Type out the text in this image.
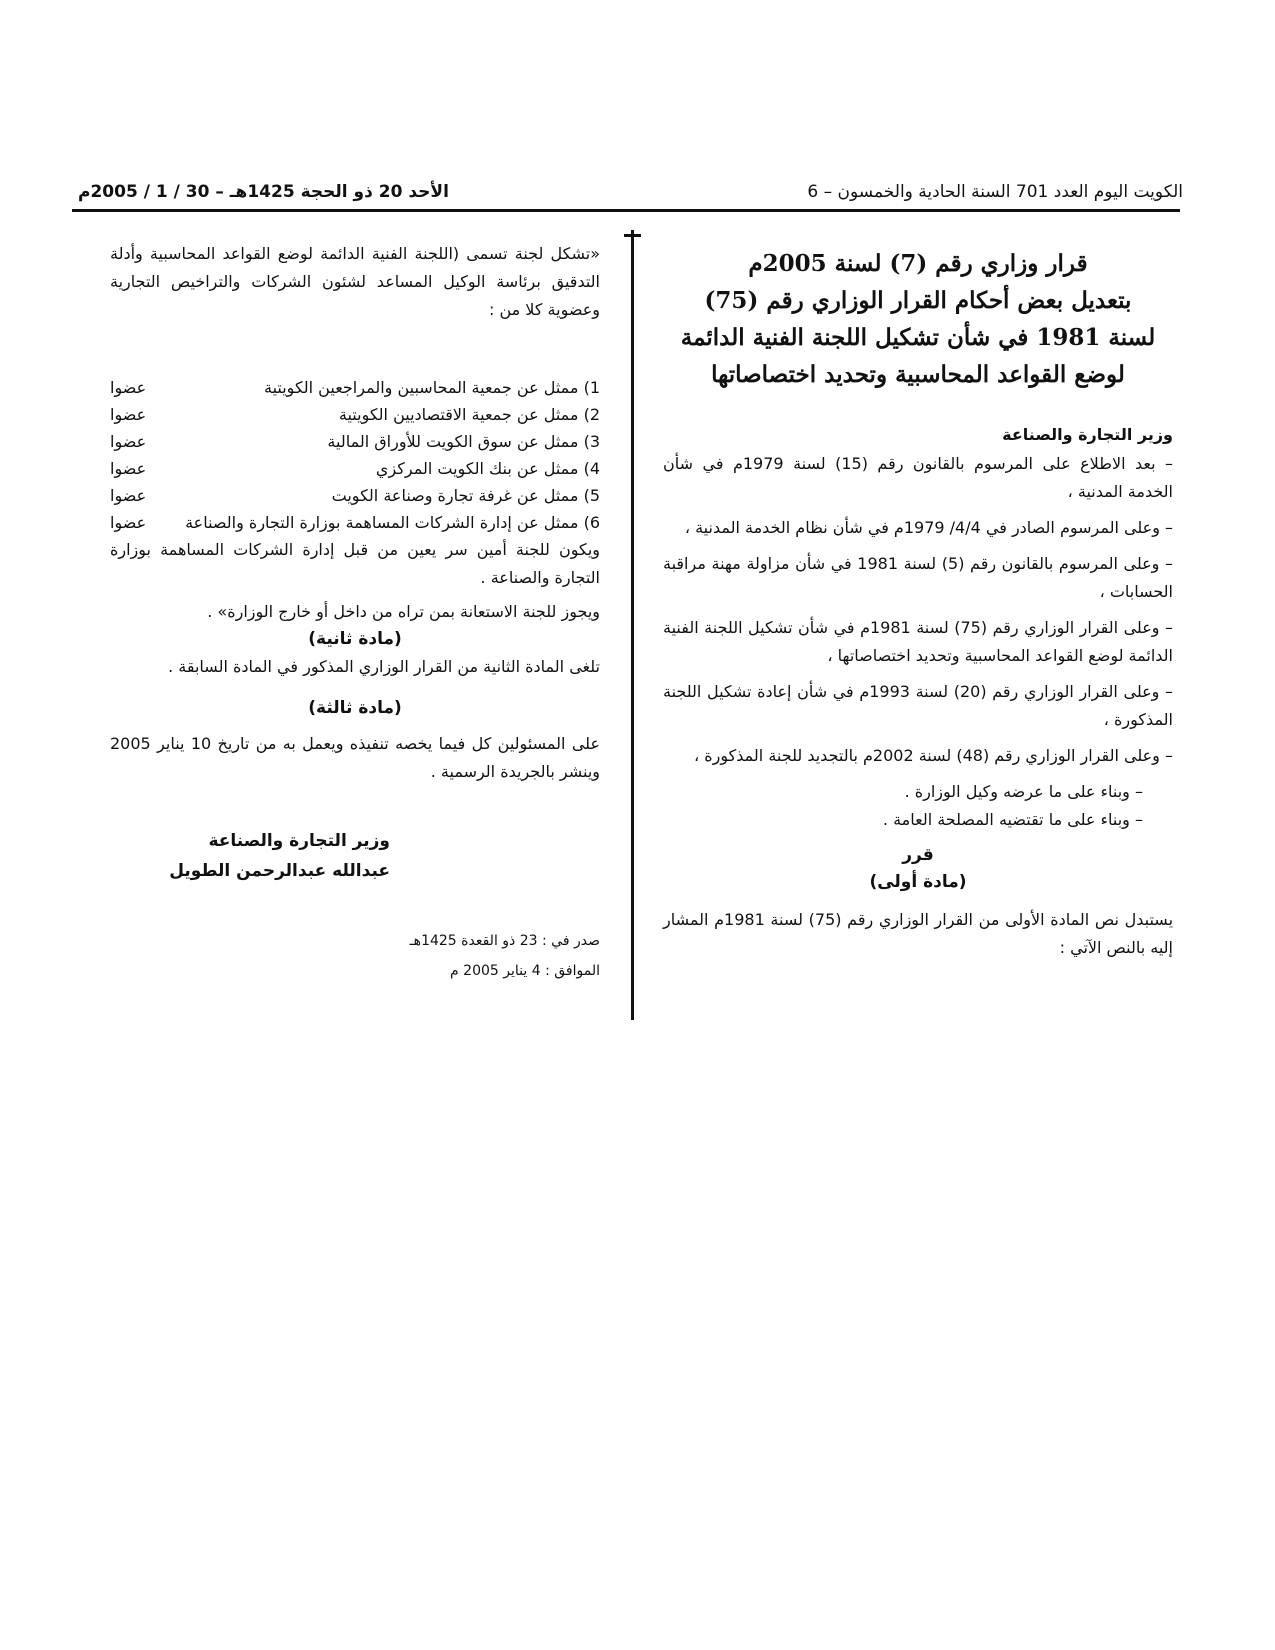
الكويت اليوم العدد 701 السنة الحادية والخمسون – 6
الأحد 20 ذو الحجة 1425هـ – 30 / 1 / 2005م
قرار وزاري رقم (7) لسنة 2005م
بتعديل بعض أحكام القرار الوزاري رقم (75)
لسنة 1981 في شأن تشكيل اللجنة الفنية الدائمة
لوضع القواعد المحاسبية وتحديد اختصاصاتها
وزير التجارة والصناعة
– بعد الاطلاع على المرسوم بالقانون رقم (15) لسنة 1979م في شأن الخدمة المدنية ،
– وعلى المرسوم الصادر في 4/4/ 1979م في شأن نظام الخدمة المدنية ،
– وعلى المرسوم بالقانون رقم (5) لسنة 1981 في شأن مزاولة مهنة مراقبة الحسابات ،
– وعلى القرار الوزاري رقم (75) لسنة 1981م في شأن تشكيل اللجنة الفنية الدائمة لوضع القواعد المحاسبية وتحديد اختصاصاتها ،
– وعلى القرار الوزاري رقم (20) لسنة 1993م في شأن إعادة تشكيل اللجنة المذكورة ،
– وعلى القرار الوزاري رقم (48) لسنة 2002م بالتجديد للجنة المذكورة ،
– وبناء على ما عرضه وكيل الوزارة .
– وبناء على ما تقتضيه المصلحة العامة .
قرر
(مادة أولى)
يستبدل نص المادة الأولى من القرار الوزاري رقم (75) لسنة 1981م المشار إليه بالنص الآتي :
«تشكل لجنة تسمى (اللجنة الفنية الدائمة لوضع القواعد المحاسبية وأدلة التدقيق برئاسة الوكيل المساعد لشئون الشركات والتراخيص التجارية وعضوية كلا من :
1) ممثل عن جمعية المحاسبين والمراجعين الكويتية
عضوا
2) ممثل عن جمعية الاقتصاديين الكويتية
عضوا
3) ممثل عن سوق الكويت للأوراق المالية
عضوا
4) ممثل عن بنك الكويت المركزي
عضوا
5) ممثل عن غرفة تجارة وصناعة الكويت
عضوا
6) ممثل عن إدارة الشركات المساهمة بوزارة التجارة والصناعة
عضوا
ويكون للجنة أمين سر يعين من قبل إدارة الشركات المساهمة بوزارة التجارة والصناعة .
ويجوز للجنة الاستعانة بمن تراه من داخل أو خارج الوزارة» .
(مادة ثانية)
تلغى المادة الثانية من القرار الوزاري المذكور في المادة السابقة .
(مادة ثالثة)
على المسئولين كل فيما يخصه تنفيذه ويعمل به من تاريخ 10 يناير 2005 وينشر بالجريدة الرسمية .
وزير التجارة والصناعة
عبدالله عبدالرحمن الطويل
صدر في : 23 ذو القعدة 1425هـ
الموافق : 4 يناير 2005 م
